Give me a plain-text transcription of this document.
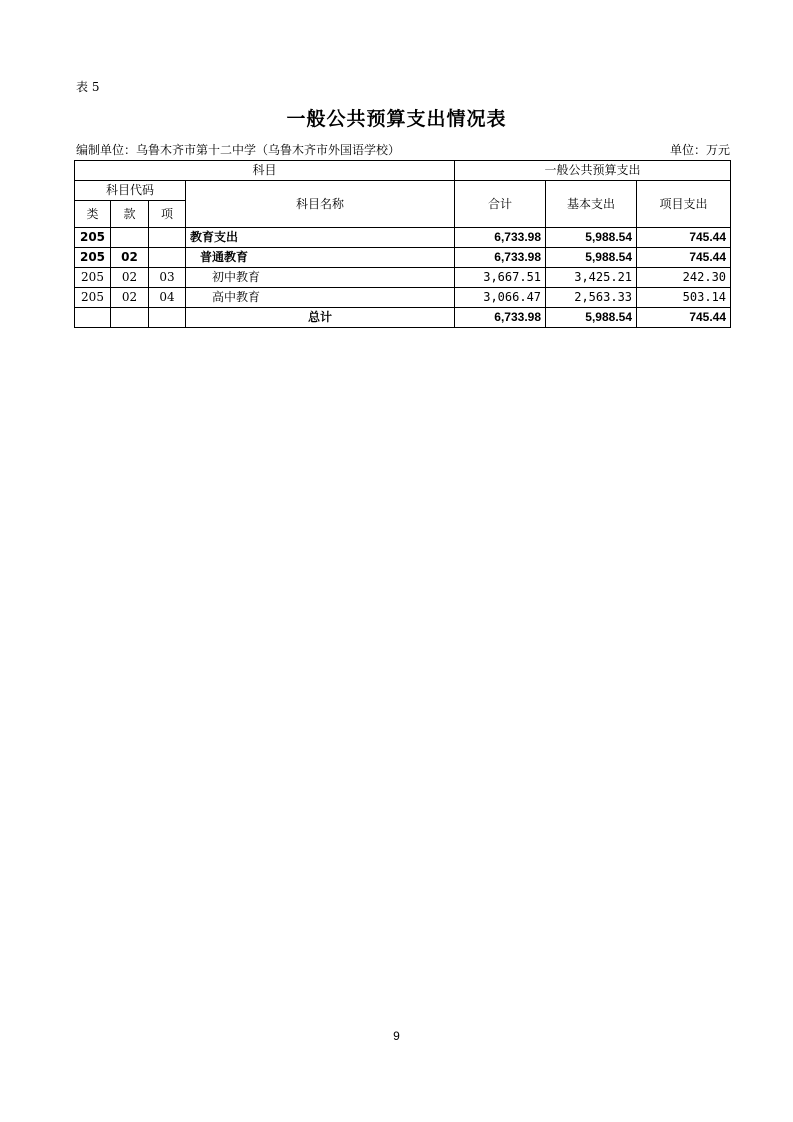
表 5
一般公共预算支出情况表
编制单位：乌鲁木齐市第十二中学（乌鲁木齐市外国语学校）	单位：万元
科目				一般公共预算支出		
科目代码			科目名称	合计	基本支出	项目支出
类	款	项				
205			教育支出	6,733.98	5,988.54	745.44
205	02		普通教育	6,733.98	5,988.54	745.44
205	02	03	初中教育	3,667.51	3,425.21	242.30
205	02	04	高中教育	3,066.47	2,563.33	503.14
			总计	6,733.98	5,988.54	745.44
9
